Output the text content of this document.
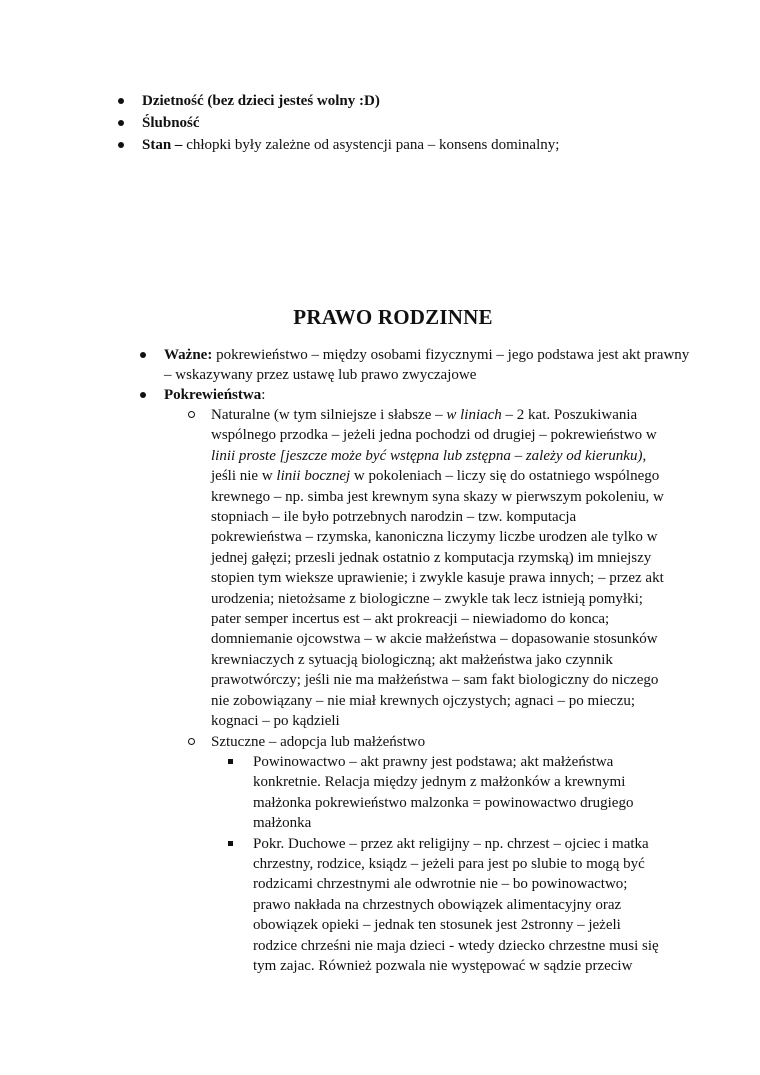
Dzietność (bez dzieci jesteś wolny :D)
Ślubność
Stan – chłopki były zależne od asystencji pana – konsens dominalny;
PRAWO RODZINNE
Ważne: pokrewieństwo – między osobami fizycznymi – jego podstawa jest akt prawny – wskazywany przez ustawę lub prawo zwyczajowe
Pokrewieństwa:
Naturalne (w tym silniejsze i słabsze – w liniach – 2 kat. Poszukiwania wspólnego przodka – jeżeli jedna pochodzi od drugiej – pokrewieństwo w linii proste [jeszcze może być wstępna lub zstępna – zależy od kierunku), jeśli nie w linii bocznej w pokoleniach – liczy się do ostatniego wspólnego krewnego – np. simba jest krewnym syna skazy w pierwszym pokoleniu, w stopniach – ile było potrzebnych narodzin – tzw. komputacja pokrewieństwa – rzymska, kanoniczna liczymy liczbe urodzen ale tylko w jednej gałęzi; przesli jednak ostatnio z komputacja rzymską) im mniejszy stopien tym wieksze uprawienie; i zwykle kasuje prawa innych; – przez akt urodzenia; nietożsame z biologiczne – zwykle tak lecz istnieją pomyłki; pater semper incertus est – akt prokreacji – niewiadomo do konca; domniemanie ojcowstwa – w akcie małżeństwa – dopasowanie stosunków krewniaczych z sytuacją biologiczną; akt małżeństwa jako czynnik prawotwórczy; jeśli nie ma małżeństwa – sam fakt biologiczny do niczego nie zobowiązany – nie miał krewnych ojczystych; agnaci – po mieczu; kognaci – po kądzieli
Sztuczne – adopcja lub małżeństwo
Powinowactwo – akt prawny jest podstawa; akt małżeństwa konkretnie. Relacja między jednym z małżonków a krewnymi małżonka pokrewieństwo malzonka = powinowactwo drugiego małżonka
Pokr. Duchowe – przez akt religijny – np. chrzest – ojciec i matka chrzestny, rodzice, ksiądz – jeżeli para jest po slubie to mogą być rodzicami chrzestnymi ale odwrotnie nie – bo powinowactwo; prawo nakłada na chrzestnych obowiązek alimentacyjny oraz obowiązek opieki – jednak ten stosunek jest 2stronny – jeżeli rodzice chrześni nie maja dzieci - wtedy dziecko chrzestne musi się tym zajac. Również pozwala nie występować w sądzie przeciw
